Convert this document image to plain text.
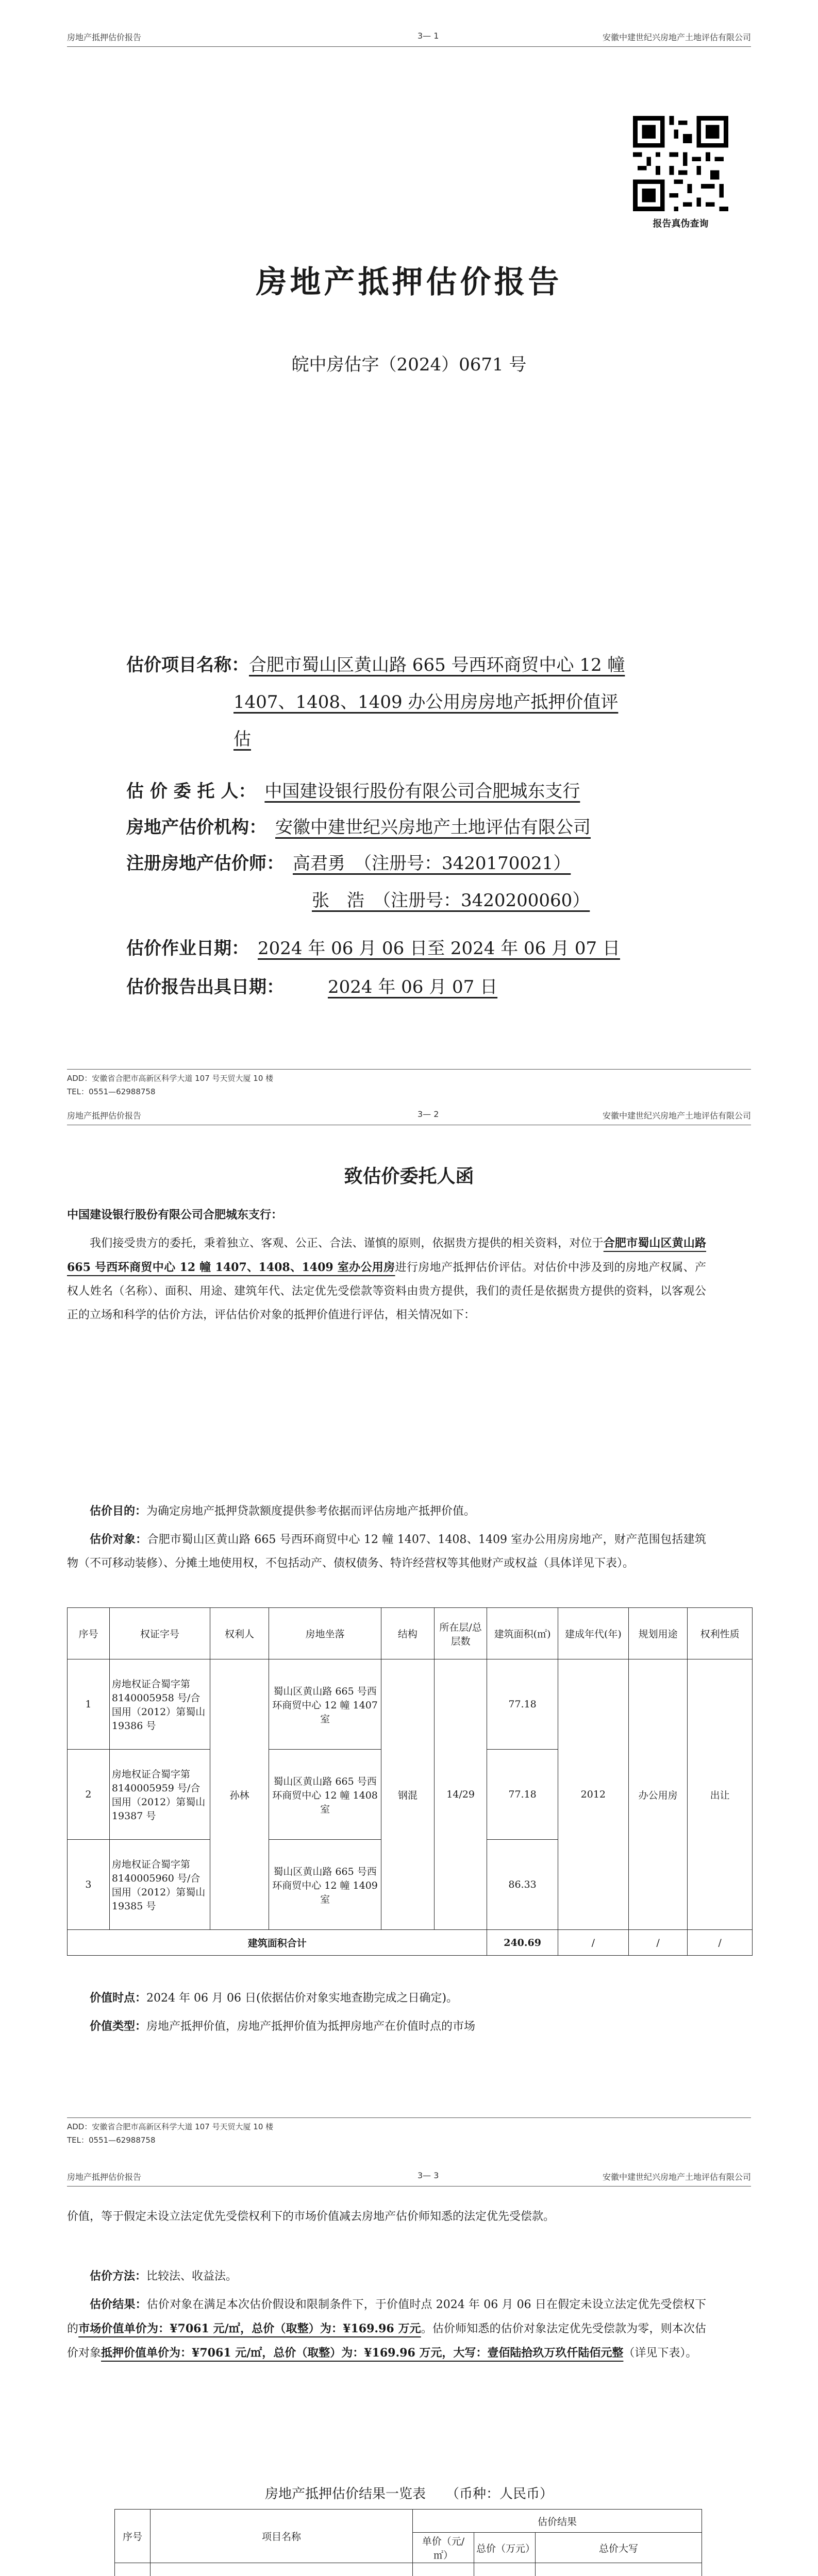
房地产抵押估价报告	3— 1	安徽中建世纪兴房地产土地评估有限公司
报告真伪查询
房地产抵押估价报告
皖中房估字（2024）0671 号
估价项目名称：合肥市蜀山区黄山路 665 号西环商贸中心 12 幢
1407、1408、1409 办公用房房地产抵押价值评
估
估 价 委 托 人：　 中国建设银行股份有限公司合肥城东支行
房地产估价机构：　 安徽中建世纪兴房地产土地评估有限公司
注册房地产估价师：　 高君勇　（注册号：3420170021）
张　浩　（注册号：3420200060）
估价作业日期：　 2024 年 06 月 06 日至 2024 年 06 月 07 日
估价报告出具日期：　　　	2024 年 06 月 07 日
ADD：安徽省合肥市高新区科学大道 107 号天贸大厦 10 楼
TEL：0551—62988758
房地产抵押估价报告	3— 2	安徽中建世纪兴房地产土地评估有限公司
致估价委托人函
中国建设银行股份有限公司合肥城东支行：
我们接受贵方的委托，秉着独立、客观、公正、合法、谨慎的原则，依据贵方提供的相关资料，对位于合肥市蜀山区黄山路 665 号西环商贸中心 12 幢 1407、1408、1409 室办公用房进行房地产抵押估价评估。对估价中涉及到的房地产权属、产权人姓名（名称）、面积、用途、建筑年代、法定优先受偿款等资料由贵方提供，我们的责任是依据贵方提供的资料，以客观公正的立场和科学的估价方法，评估估价对象的抵押价值进行评估，相关情况如下：
估价目的：为确定房地产抵押贷款额度提供参考依据而评估房地产抵押价值。
估价对象：合肥市蜀山区黄山路 665 号西环商贸中心 12 幢 1407、1408、1409 室办公用房房地产，财产范围包括建筑物（不可移动装修）、分摊土地使用权，不包括动产、债权债务、特许经营权等其他财产或权益（具体详见下表）。
序号	权证字号	权利人	房地坐落	结构	所在层/总层数	建筑面积(㎡)	建成年代(年)	规划用途	权利性质
1	房地权证合蜀字第 8140005958 号/合国用（2012）第蜀山 19386 号	孙林	蜀山区黄山路 665 号西环商贸中心 12 幢 1407 室	钢混	14/29	77.18	2012	办公用房	出让
2	房地权证合蜀字第 8140005959 号/合国用（2012）第蜀山 19387 号		蜀山区黄山路 665 号西环商贸中心 12 幢 1408 室			77.18			
3	房地权证合蜀字第 8140005960 号/合国用（2012）第蜀山 19385 号		蜀山区黄山路 665 号西环商贸中心 12 幢 1409 室			86.33			
建筑面积合计						240.69	/	/	/
价值时点：2024 年 06 月 06 日(依据估价对象实地查勘完成之日确定)。
价值类型：房地产抵押价值，房地产抵押价值为抵押房地产在价值时点的市场
ADD：安徽省合肥市高新区科学大道 107 号天贸大厦 10 楼
TEL：0551—62988758
房地产抵押估价报告	3— 3	安徽中建世纪兴房地产土地评估有限公司
价值，等于假定未设立法定优先受偿权利下的市场价值减去房地产估价师知悉的法定优先受偿款。
估价方法：比较法、收益法。
估价结果：估价对象在满足本次估价假设和限制条件下，于价值时点 2024 年 06 月 06 日在假定未设立法定优先受偿权下的市场价值单价为：¥7061 元/㎡，总价（取整）为：¥169.96 万元。估价师知悉的估价对象法定优先受偿款为零，则本次估价对象抵押价值单价为：¥7061 元/㎡，总价（取整）为：¥169.96 万元，大写：壹佰陆拾玖万玖仟陆佰元整（详见下表）。
房地产抵押估价结果一览表　　（币种：人民币）
序号	项目名称	估价结果		
		单价（元/㎡）	总价（万元）	总价大写
